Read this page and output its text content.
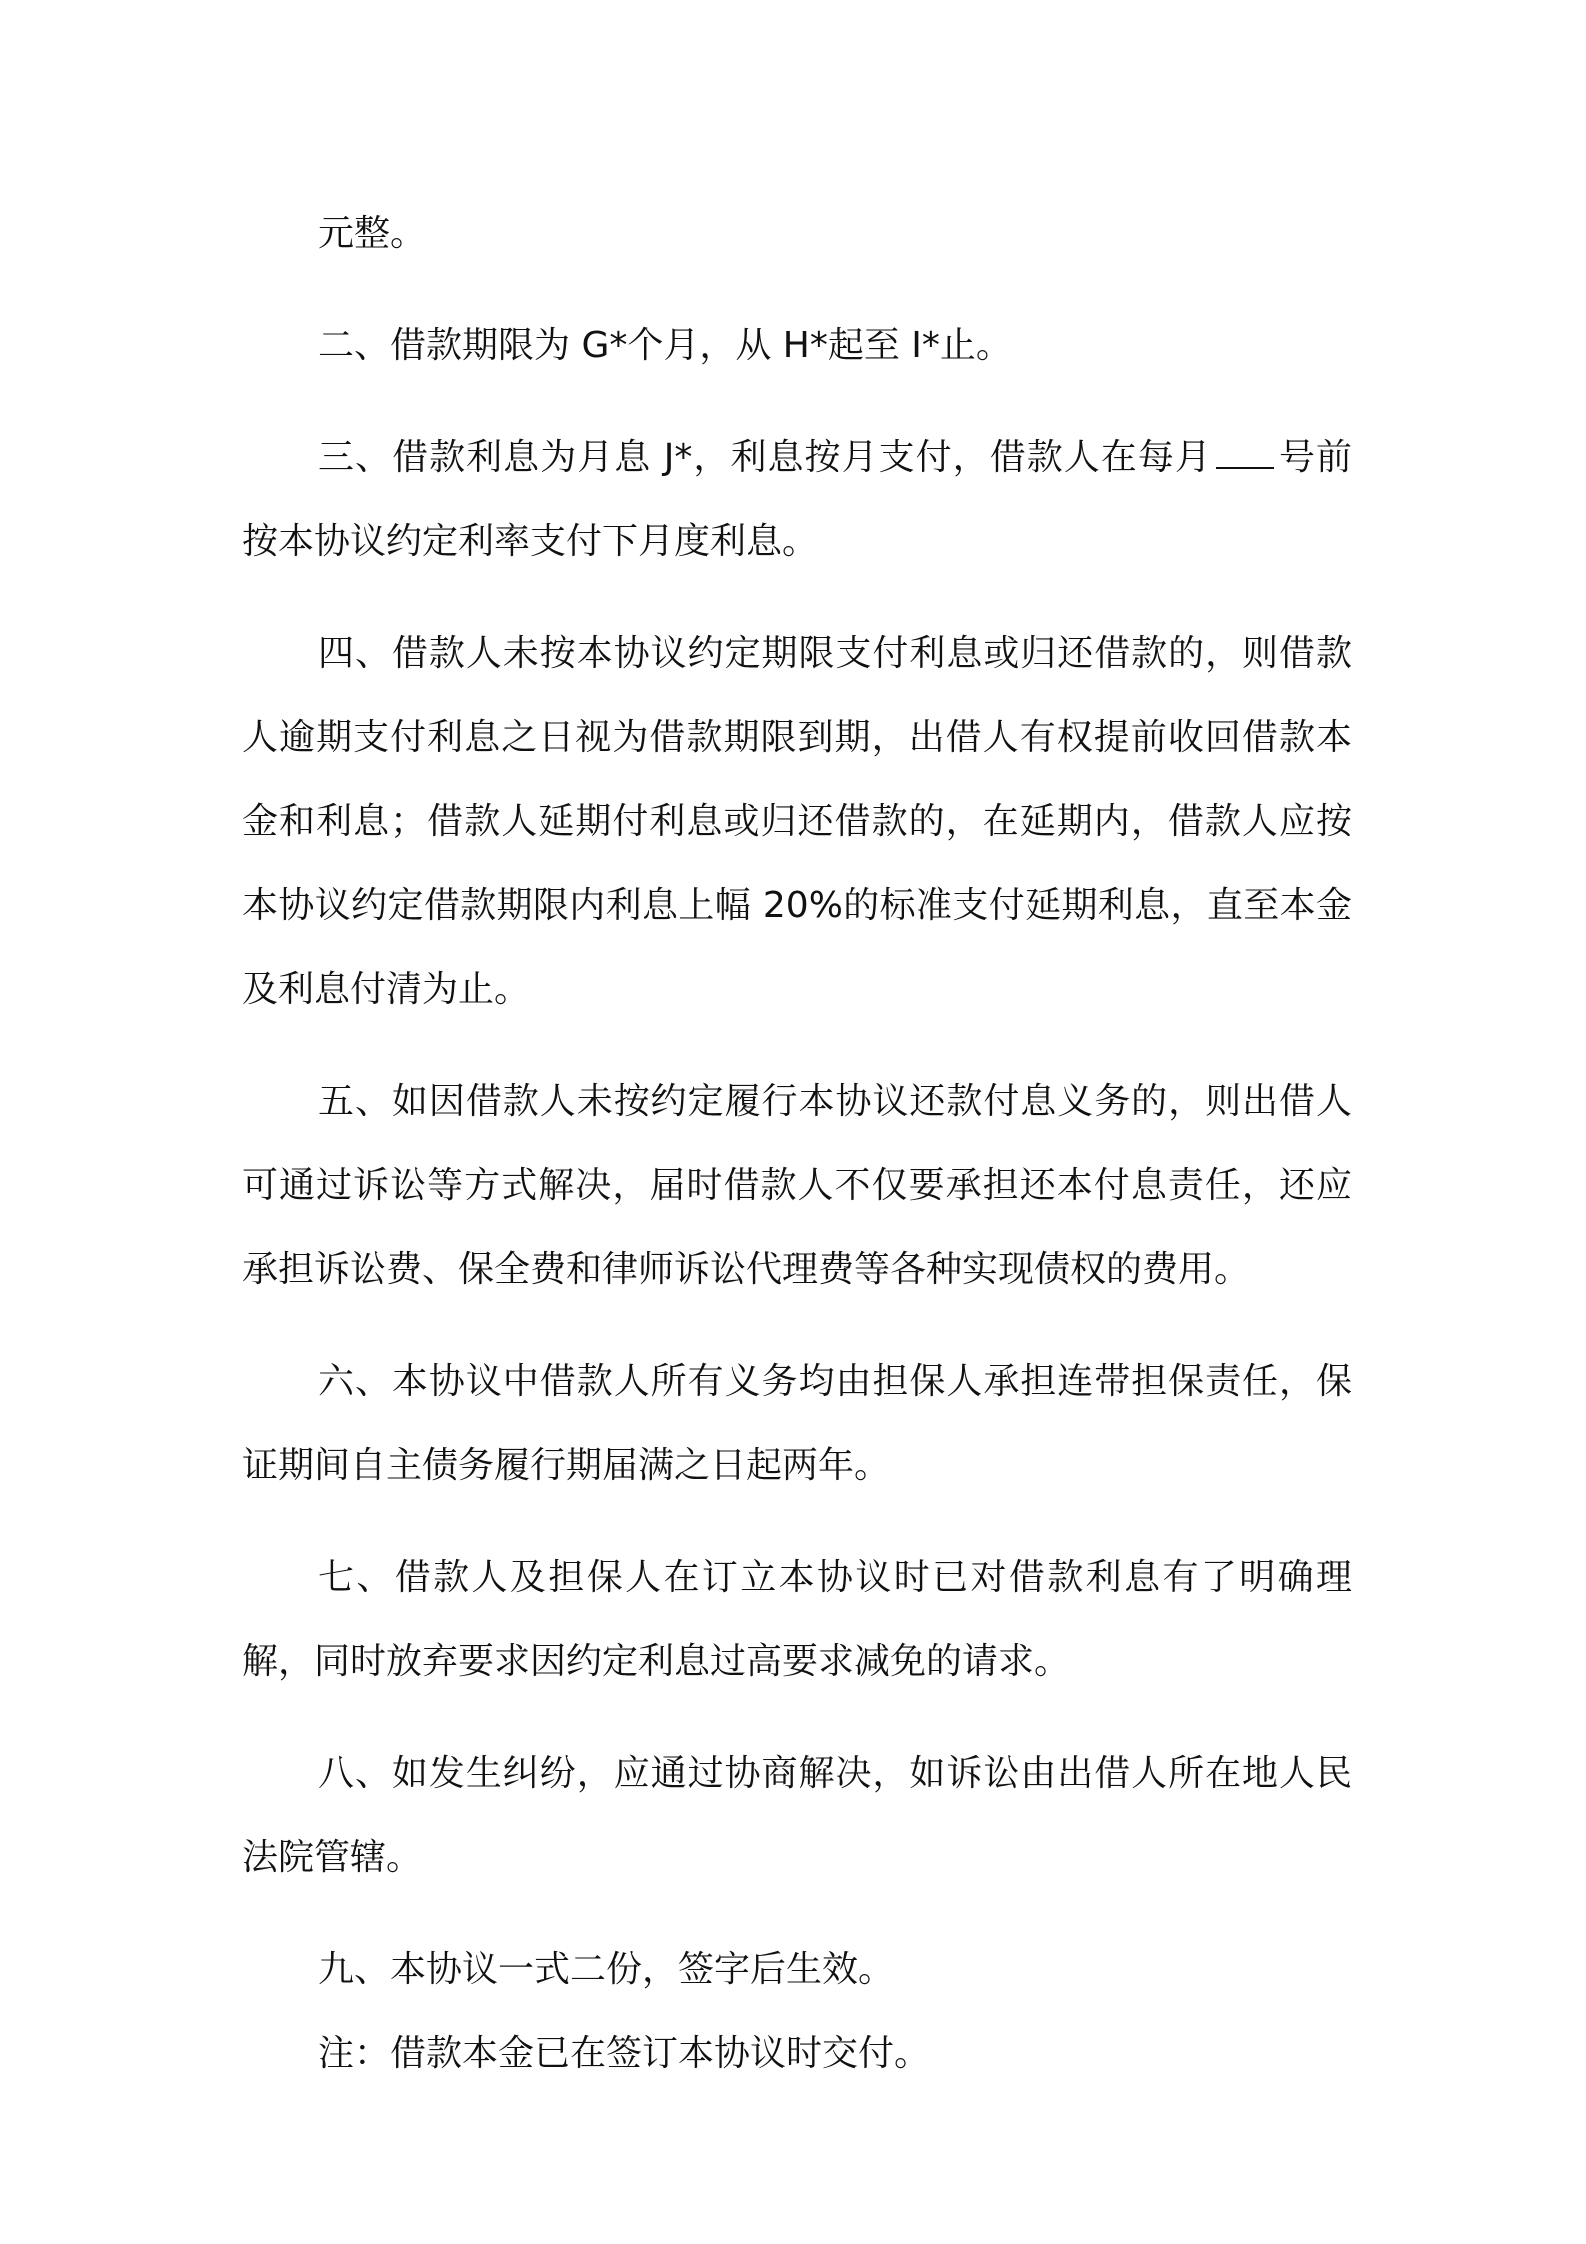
元整。

二、借款期限为 G*个月，从 H*起至 I*止。

三、借款利息为月息 J*，利息按月支付，借款人在每月 号前按本协议约定利率支付下月度利息。

四、借款人未按本协议约定期限支付利息或归还借款的，则借款人逾期支付利息之日视为借款期限到期，出借人有权提前收回借款本金和利息；借款人延期付利息或归还借款的，在延期内，借款人应按本协议约定借款期限内利息上幅 20%的标准支付延期利息，直至本金及利息付清为止。

五、如因借款人未按约定履行本协议还款付息义务的，则出借人可通过诉讼等方式解决，届时借款人不仅要承担还本付息责任，还应承担诉讼费、保全费和律师诉讼代理费等各种实现债权的费用。

六、本协议中借款人所有义务均由担保人承担连带担保责任，保证期间自主债务履行期届满之日起两年。

七、借款人及担保人在订立本协议时已对借款利息有了明确理解，同时放弃要求因约定利息过高要求减免的请求。

八、如发生纠纷，应通过协商解决，如诉讼由出借人所在地人民法院管辖。

九、本协议一式二份，签字后生效。

注：借款本金已在签订本协议时交付。
